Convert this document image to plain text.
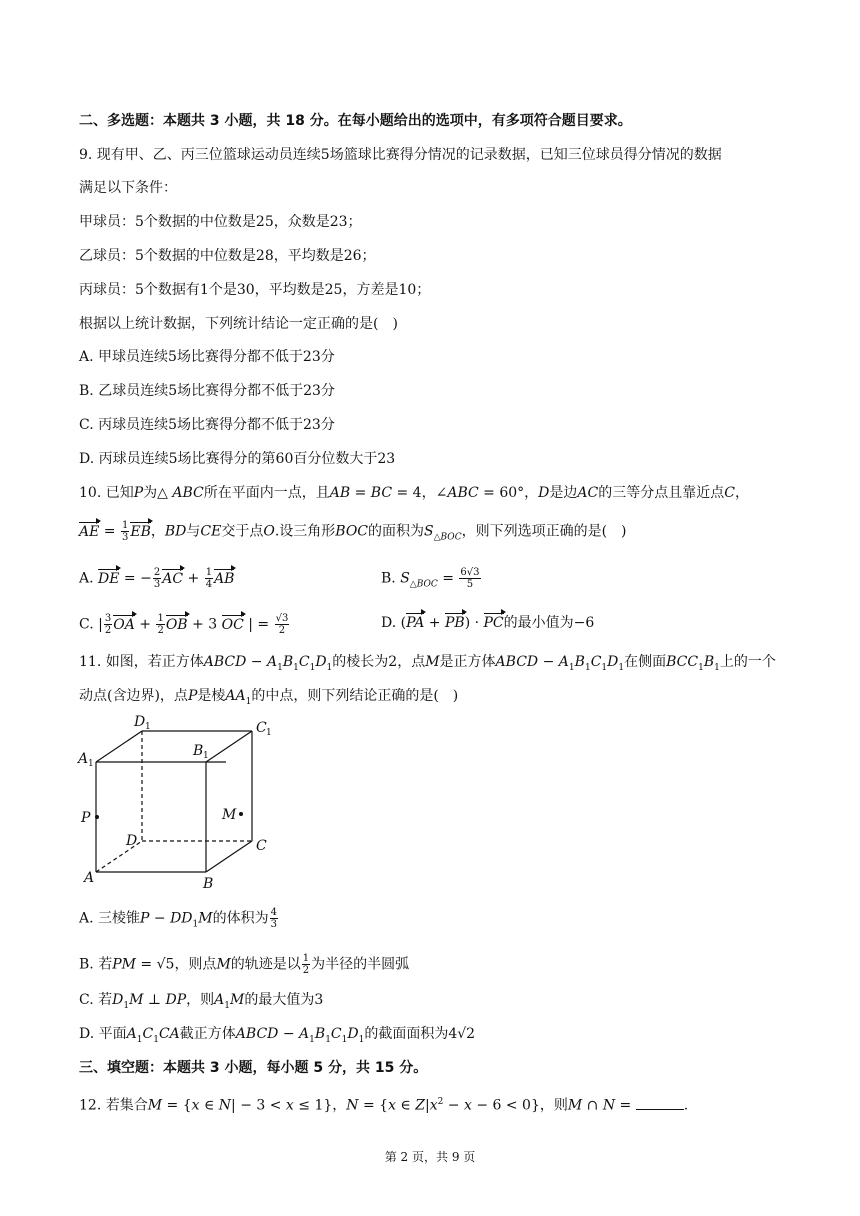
二、多选题：本题共 3 小题，共 18 分。在每小题给出的选项中，有多项符合题目要求。
9. 现有甲、乙、丙三位篮球运动员连续5场篮球比赛得分情况的记录数据，已知三位球员得分情况的数据
满足以下条件：
甲球员：5个数据的中位数是25，众数是23；
乙球员：5个数据的中位数是28，平均数是26；
丙球员：5个数据有1个是30，平均数是25，方差是10；
根据以上统计数据，下列统计结论一定正确的是(　)
A. 甲球员连续5场比赛得分都不低于23分
B. 乙球员连续5场比赛得分都不低于23分
C. 丙球员连续5场比赛得分都不低于23分
D. 丙球员连续5场比赛得分的第60百分位数大于23
10. 已知P为△ ABC所在平面内一点，且AB = BC = 4，∠ABC = 60°，D是边AC的三等分点且靠近点C，
AE = $\frac{1}{3}$ EB，BD与CE交于点O.设三角形BOC的面积为$S_{\triangle BOC}$，则下列选项正确的是(　)
A. DE = − $\frac{2}{3}$ AC + $\frac{1}{4}$ AB	B. $S_{\triangle BOC} = \frac{6√3}{5}$
C. | $\frac{3}{2}$ OA + $\frac{1}{2}$ OB + 3 OC | = $\frac{√3}{2}$	D. (PA + PB) · PC的最小值为−6
11. 如图，若正方体ABCD − $A_1B_1C_1D_1$的棱长为2，点M是正方体ABCD − $A_1B_1C_1D_1$在侧面$BCC_1B_1$上的一个
动点(含边界)，点P是棱$AA_1$的中点，则下列结论正确的是(　)
D 1	C 1
B 1
A 1
P	M
D	C
A	B
A. 三棱锥$P - DD_1M$的体积为 $\frac{4}{3}$
B. 若PM = √5，则点M的轨迹是以 $\frac{1}{2}$ 为半径的半圆弧
C. 若$D_1M$ ⊥ DP，则$A_1M$的最大值为3
D. 平面$A_1C_1CA$截正方体ABCD − $A_1B_1C_1D_1$的截面面积为4√2
三、填空题：本题共 3 小题，每小题 5 分，共 15 分。
12. 若集合M = {x ∈ N| − 3 < x ≤ 1}，N = {x ∈ $Z|x^2 - x - 6 < 0$}，则M ∩ N =	.
第 2 页，共 9 页
